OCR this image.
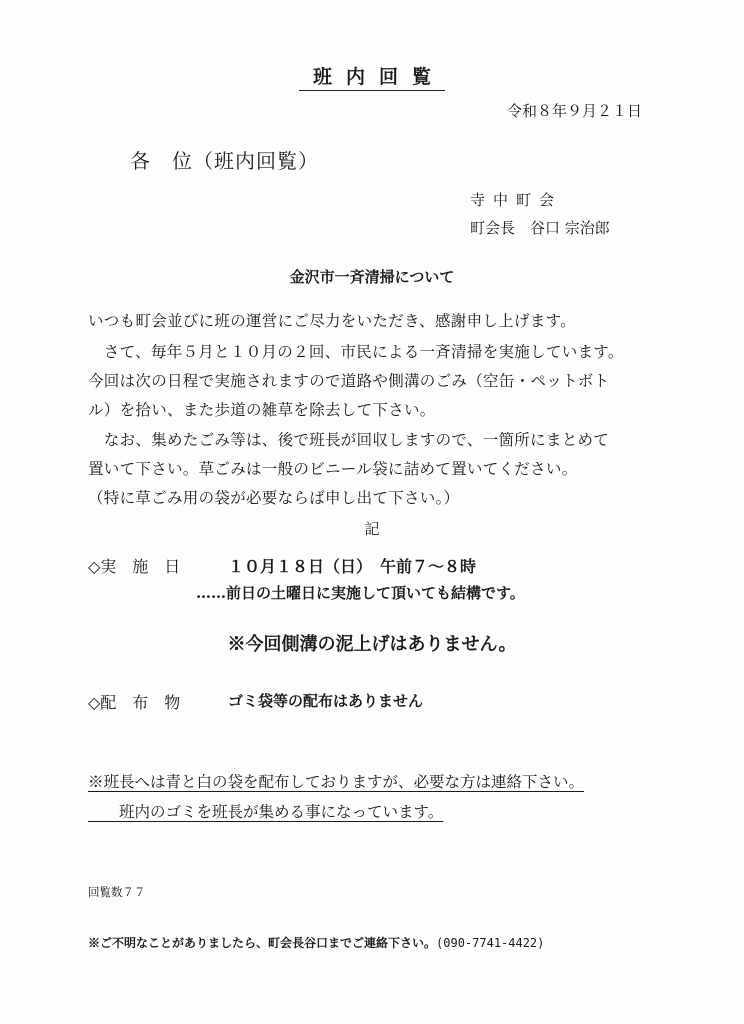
班内回覧
令和８年９月２１日
各　位（班内回覧）
寺中町会
町会長　谷口 宗治郎
金沢市一斉清掃について
いつも町会並びに班の運営にご尽力をいただき、感謝申し上げます。
　さて、毎年５月と１０月の２回、市民による一斉清掃を実施しています。
今回は次の日程で実施されますので道路や側溝のごみ（空缶・ペットボト
ル）を拾い、また歩道の雑草を除去して下さい。
　なお、集めたごみ等は、後で班長が回収しますので、一箇所にまとめて
置いて下さい。草ごみは一般のビニール袋に詰めて置いてください。
（特に草ごみ用の袋が必要ならば申し出て下さい。）
記
◇実　施　日	１０月１８日（日）　午前７～８時
……前日の土曜日に実施して頂いても結構です。
※今回側溝の泥上げはありません。
◇配　布　物	ゴミ袋等の配布はありません
※班長へは青と白の袋を配布しておりますが、必要な方は連絡下さい。
　　班内のゴミを班長が集める事になっています。
回覧数７７
※ご不明なことがありましたら、町会長谷口までご連絡下さい。(090-7741-4422)
